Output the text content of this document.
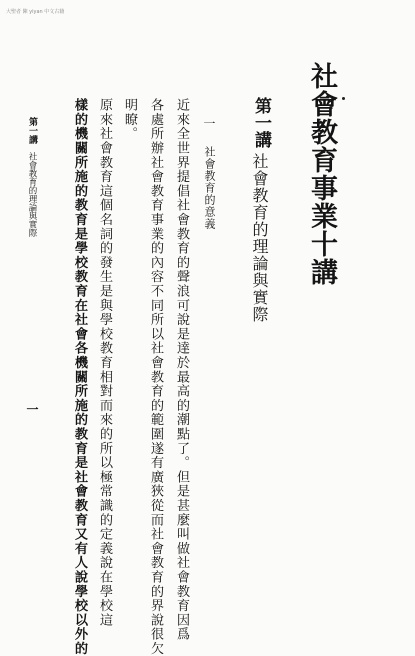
大聖者 陳 yiyan 中文古籍
社會教育事業十講
第一講
社會教育的理論與實際
一
社會教育的意義
近來全世界提倡社會教育的聲浪可說是達於最高的潮點了。但是甚麼叫做社會教育因爲
各處所辦社會教育事業的內容不同所以社會教育的範圍遂有廣狹從而社會教育的界說很欠
明瞭。
原來社會教育這個名詞的發生是與學校教育相對而來的所以極常識的定義說在學校這
樣的機關所施的教育是學校教育在社會各機關所施的教育是社會教育又有人說學校以外的
第一講
社會教育的理論與實際
一
